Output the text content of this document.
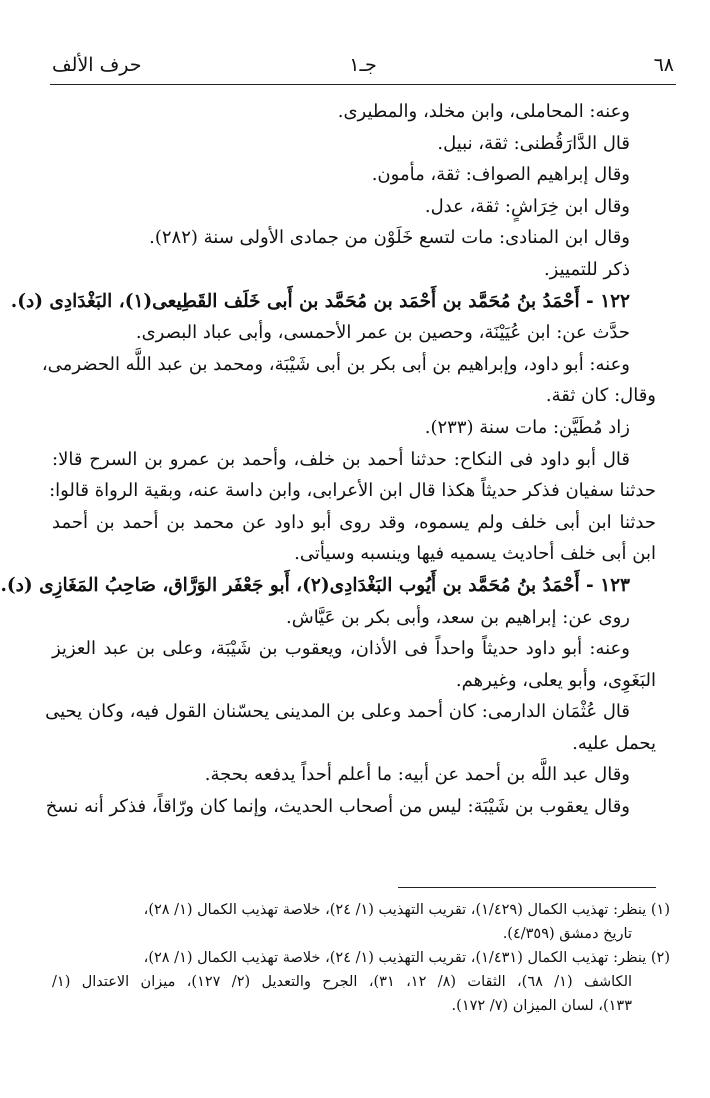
٦٨
جـ١
حرف الألف
وعنه: المحاملى، وابن مخلد، والمطيرى.
قال الدَّارَقُطنى: ثقة، نبيل.
وقال إبراهيم الصواف: ثقة، مأمون.
وقال ابن خِرَاشٍ: ثقة، عدل.
وقال ابن المنادى: مات لتسع خَلَوْن من جمادى الأولى سنة (٢٨٢).
ذكر للتمييز.
١٢٢ - أَحْمَدُ بنُ مُحَمَّد بن أَحْمَد بن مُحَمَّد بن أَبى خَلَف القَطِيعى(١)، البَغْدَادِى (د).
حدَّث عن: ابن عُيَيْنَة، وحصين بن عمر الأحمسى، وأبى عباد البصرى.
وعنه: أبو داود، وإبراهيم بن أبى بكر بن أبى شَيْبَة، ومحمد بن عبد اللَّه الحضرمى،
وقال: كان ثقة.
زاد مُطَيَّن: مات سنة (٢٣٣).
قال أبو داود فى النكاح: حدثنا أحمد بن خلف، وأحمد بن عمرو بن السرح قالا:
حدثنا سفيان فذكر حديثاً هكذا قال ابن الأعرابى، وابن داسة عنه، وبقية الرواة قالوا:
حدثنا ابن أبى خلف ولم يسموه، وقد روى أبو داود عن محمد بن أحمد بن أحمد
ابن أبى خلف أحاديث يسميه فيها وينسبه وسيأتى.
١٢٣ - أَحْمَدُ بنُ مُحَمَّد بن أَيُوب البَغْدَادِى(٢)، أَبو جَعْفَر الوَرَّاق، صَاحِبُ المَغَازِى (د).
روى عن: إبراهيم بن سعد، وأبى بكر بن عَيَّاش.
وعنه: أبو داود حديثاً واحداً فى الأذان، ويعقوب بن شَيْبَة، وعلى بن عبد العزيز
البَغَوِى، وأبو يعلى، وغيرهم.
قال عُثْمَان الدارمى: كان أحمد وعلى بن المدينى يحسّنان القول فيه، وكان يحيى
يحمل عليه.
وقال عبد اللَّه بن أحمد عن أبيه: ما أعلم أحداً يدفعه بحجة.
وقال يعقوب بن شَيْبَة: ليس من أصحاب الحديث، وإنما كان ورّاقاً، فذكر أنه نسخ
(١) ينظر: تهذيب الكمال (١/٤٢٩)، تقريب التهذيب (١/ ٢٤)، خلاصة تهذيب الكمال (١/ ٢٨)،
تاريخ دمشق (٤/٣٥٩).
(٢) ينظر: تهذيب الكمال (١/٤٣١)، تقريب التهذيب (١/ ٢٤)، خلاصة تهذيب الكمال (١/ ٢٨)،
الكاشف (١/ ٦٨)، الثقات (٨/ ١٢، ٣١)، الجرح والتعديل (٢/ ١٢٧)، ميزان الاعتدال (١/
١٣٣)، لسان الميزان (٧/ ١٧٢).
